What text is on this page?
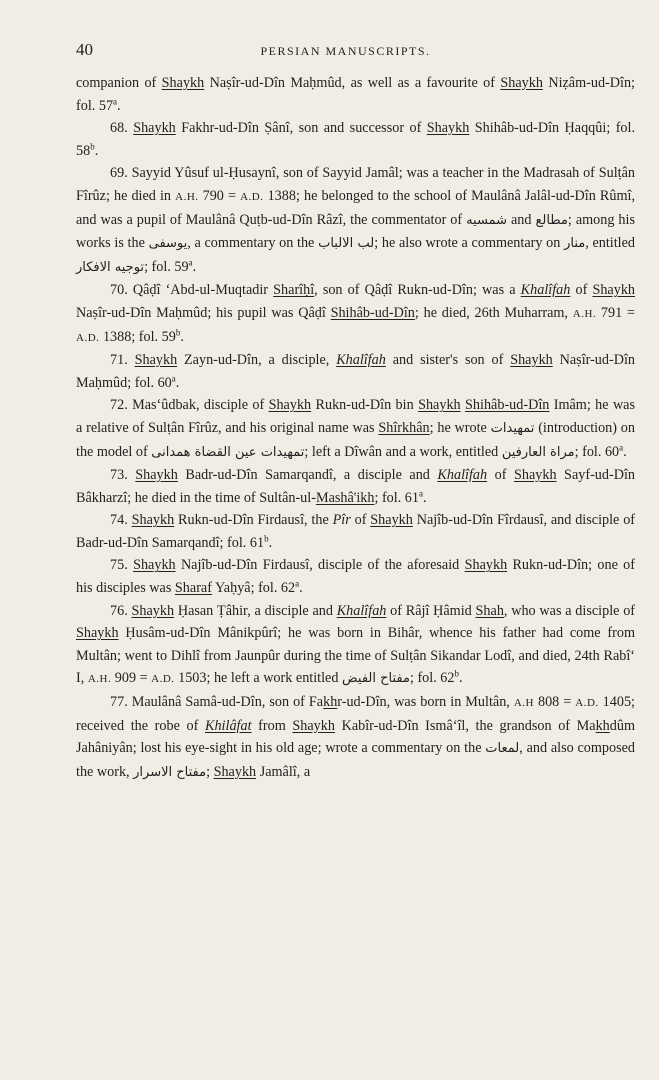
40	PERSIAN MANUSCRIPTS.

companion of Shaykh Naṣîr-ud-Dîn Maḥmûd, as well as a favourite of Shaykh Niẓâm-ud-Dîn; fol. 57$^a$.

68. Shaykh Fakhr-ud-Dîn Ṣânî, son and successor of Shaykh Shihâb-ud-Dîn Ḥaqqûi; fol. 58$^b$.

69. Sayyid Yûsuf ul-Ḥusaynî, son of Sayyid Jamâl; was a teacher in the Madrasah of Sulṭân Fîrûz; he died in A.H. 790 = A.D. 1388; he belonged to the school of Maulânâ Jalâl-ud-Dîn Rûmî, and was a pupil of Maulânâ Quṭb-ud-Dîn Râzî, the commentator of شمسیه and مطالع; among his works is the یوسفی, a commentary on the لب الالباب; he also wrote a commentary on منار, entitled توجیه الافکار; fol. 59$^a$.

70. Qâḍî ‘Abd-ul-Muqtadir Sharîḥî, son of Qâḍî Rukn-ud-Dîn; was a Khalîfah of Shaykh Naṣîr-ud-Dîn Maḥmûd; his pupil was Qâḍî Shihâb-ud-Dîn; he died, 26th Muharram, A.H. 791 = A.D. 1388; fol. 59$^b$.

71. Shaykh Zayn-ud-Dîn, a disciple, Khalîfah and sister's son of Shaykh Naṣîr-ud-Dîn Maḥmûd; fol. 60$^a$.

72. Mas‘ûdbak, disciple of Shaykh Rukn-ud-Dîn bin Shaykh Shihâb-ud-Dîn Imâm; he was a relative of Sulṭân Fîrûz, and his original name was Shîrkhân; he wrote تمهیدات (introduction) on the model of تمهیدات عین القضاة همدانی; left a Dîwân and a work, entitled مراة العارفین; fol. 60$^a$.

73. Shaykh Badr-ud-Dîn Samarqandî, a disciple and Khalîfah of Shaykh Sayf-ud-Dîn Bâkharzî; he died in the time of Sultân-ul-Mashâ'ikh; fol. 61$^a$.

74. Shaykh Rukn-ud-Dîn Firdausî, the Pîr of Shaykh Najîb-ud-Dîn Fîrdausî, and disciple of Badr-ud-Dîn Samarqandî; fol. 61$^b$.

75. Shaykh Najîb-ud-Dîn Firdausî, disciple of the aforesaid Shaykh Rukn-ud-Dîn; one of his disciples was Sharaf Yaḥyâ; fol. 62$^a$.

76. Shaykh Ḥasan Ṭâhir, a disciple and Khalîfah of Râjî Ḥâmid Shah, who was a disciple of Shaykh Ḥusâm-ud-Dîn Mânikpûrî; he was born in Bihâr, whence his father had come from Multân; went to Dihlî from Jaunpûr during the time of Sulṭân Sikandar Lodî, and died, 24th Rabî‘ I, A.H. 909 = A.D. 1503; he left a work entitled مفتاح الفیض; fol. 62$^b$.

77. Maulânâ Samâ-ud-Dîn, son of Fakhr-ud-Dîn, was born in Multân, A.H 808 = A.D. 1405; received the robe of Khilâfat from Shaykh Kabîr-ud-Dîn Ismâ‘îl, the grandson of Makhdûm Jahâniyân; lost his eye-sight in his old age; wrote a commentary on the لمعات, and also composed the work, مفتاح الاسرار; Shaykh Jamâlî, a
